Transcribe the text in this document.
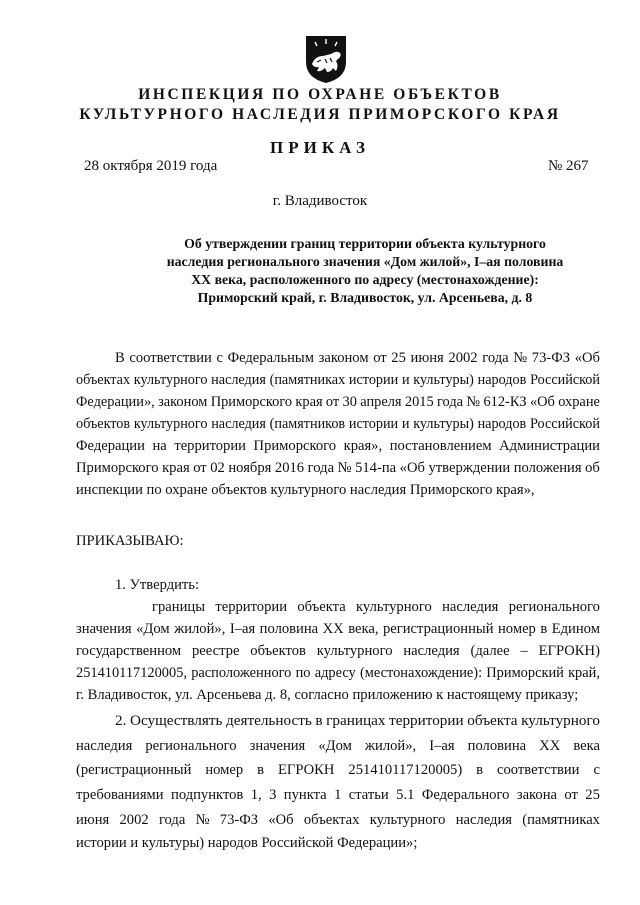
ИНСПЕКЦИЯ ПО ОХРАНЕ ОБЪЕКТОВ
КУЛЬТУРНОГО НАСЛЕДИЯ ПРИМОРСКОГО КРАЯ
ПРИКАЗ
28 октября 2019 года	№ 267
г. Владивосток
Об утверждении границ территории объекта культурного
наследия регионального значения «Дом жилой», I–ая половина
XX века, расположенного по адресу (местонахождение):
Приморский край, г. Владивосток, ул. Арсеньева, д. 8
В соответствии с Федеральным законом от 25 июня 2002 года № 73-ФЗ «Об
объектах культурного наследия (памятниках истории и культуры) народов Российской
Федерации», законом Приморского края от 30 апреля 2015 года № 612-КЗ «Об охране
объектов культурного наследия (памятников истории и культуры) народов Российской
Федерации на территории Приморского края», постановлением Администрации
Приморского края от 02 ноября 2016 года № 514-па «Об утверждении положения об
инспекции по охране объектов культурного наследия Приморского края»,
ПРИКАЗЫВАЮ:
1. Утвердить:
границы территории объекта культурного наследия регионального
значения «Дом жилой», I–ая половина XX века, регистрационный номер в Едином
государственном реестре объектов культурного наследия (далее – ЕГРОКН)
251410117120005, расположенного по адресу (местонахождение): Приморский край,
г. Владивосток, ул. Арсеньева д. 8, согласно приложению к настоящему приказу;
2. Осуществлять деятельность в границах территории объекта культурного
наследия регионального значения «Дом жилой», I–ая половина XX века
(регистрационный номер в ЕГРОКН 251410117120005) в соответствии с
требованиями подпунктов 1, 3 пункта 1 статьи 5.1 Федерального закона от 25
июня 2002 года № 73-ФЗ «Об объектах культурного наследия (памятниках
истории и культуры) народов Российской Федерации»;
